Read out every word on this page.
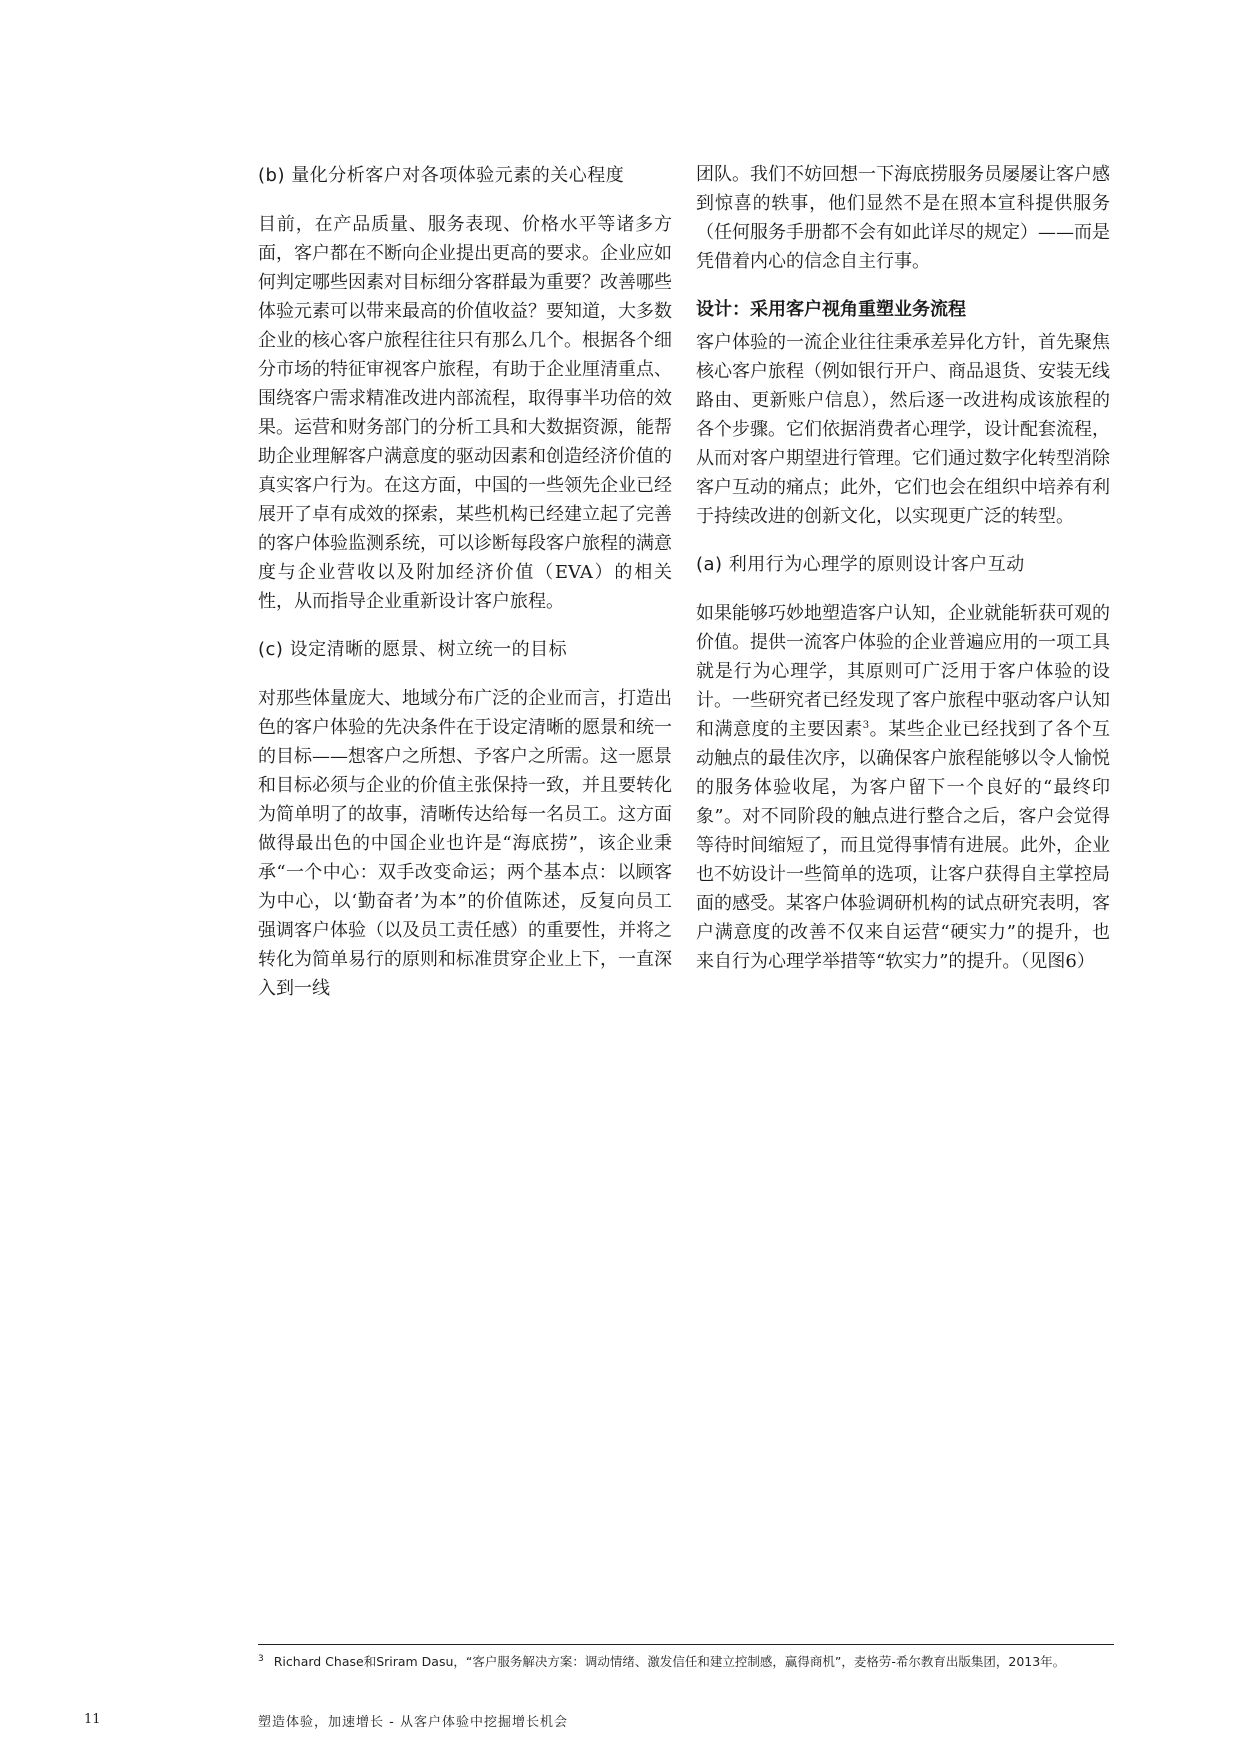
(b) 量化分析客户对各项体验元素的关心程度

目前，在产品质量、服务表现、价格水平等诸多方面，客户都在不断向企业提出更高的要求。企业应如何判定哪些因素对目标细分客群最为重要？改善哪些体验元素可以带来最高的价值收益？要知道，大多数企业的核心客户旅程往往只有那么几个。根据各个细分市场的特征审视客户旅程，有助于企业厘清重点、围绕客户需求精准改进内部流程，取得事半功倍的效果。运营和财务部门的分析工具和大数据资源，能帮助企业理解客户满意度的驱动因素和创造经济价值的真实客户行为。在这方面，中国的一些领先企业已经展开了卓有成效的探索，某些机构已经建立起了完善的客户体验监测系统，可以诊断每段客户旅程的满意度与企业营收以及附加经济价值（EVA）的相关性，从而指导企业重新设计客户旅程。

(c) 设定清晰的愿景、树立统一的目标

对那些体量庞大、地域分布广泛的企业而言，打造出色的客户体验的先决条件在于设定清晰的愿景和统一的目标——想客户之所想、予客户之所需。这一愿景和目标必须与企业的价值主张保持一致，并且要转化为简单明了的故事，清晰传达给每一名员工。这方面做得最出色的中国企业也许是“海底捞”，该企业秉承“一个中心：双手改变命运；两个基本点：以顾客为中心，以‘勤奋者’为本”的价值陈述，反复向员工强调客户体验（以及员工责任感）的重要性，并将之转化为简单易行的原则和标准贯穿企业上下，一直深入到一线

团队。我们不妨回想一下海底捞服务员屡屡让客户感到惊喜的轶事，他们显然不是在照本宣科提供服务（任何服务手册都不会有如此详尽的规定）——而是凭借着内心的信念自主行事。

设计：采用客户视角重塑业务流程

客户体验的一流企业往往秉承差异化方针，首先聚焦核心客户旅程（例如银行开户、商品退货、安装无线路由、更新账户信息），然后逐一改进构成该旅程的各个步骤。它们依据消费者心理学，设计配套流程，从而对客户期望进行管理。它们通过数字化转型消除客户互动的痛点；此外，它们也会在组织中培养有利于持续改进的创新文化，以实现更广泛的转型。

(a) 利用行为心理学的原则设计客户互动

如果能够巧妙地塑造客户认知，企业就能斩获可观的价值。提供一流客户体验的企业普遍应用的一项工具就是行为心理学，其原则可广泛用于客户体验的设计。一些研究者已经发现了客户旅程中驱动客户认知和满意度的主要因素$^3$。某些企业已经找到了各个互动触点的最佳次序，以确保客户旅程能够以令人愉悦的服务体验收尾，为客户留下一个良好的“最终印象”。对不同阶段的触点进行整合之后，客户会觉得等待时间缩短了，而且觉得事情有进展。此外，企业也不妨设计一些简单的选项，让客户获得自主掌控局面的感受。某客户体验调研机构的试点研究表明，客户满意度的改善不仅来自运营“硬实力”的提升，也来自行为心理学举措等“软实力”的提升。（见图6）

$^3$ Richard Chase和Sriram Dasu，“客户服务解决方案：调动情绪、激发信任和建立控制感，赢得商机”，麦格劳-希尔教育出版集团，2013年。
11	塑造体验，加速增长 - 从客户体验中挖掘增长机会
